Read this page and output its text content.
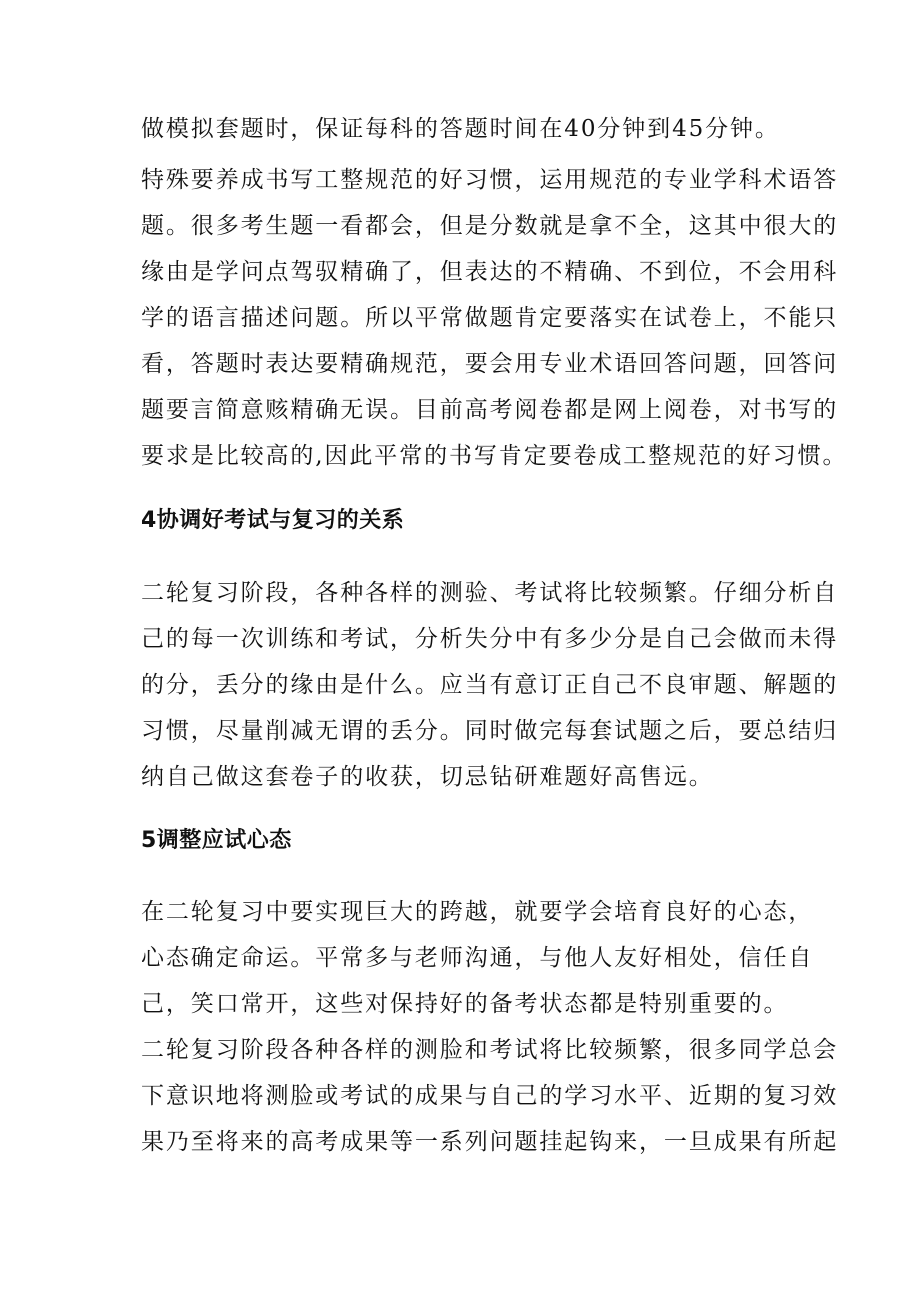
做模拟套题时，保证每科的答题时间在40分钟到45分钟。

特殊要养成书写工整规范的好习惯，运用规范的专业学科术语答

题。很多考生题一看都会，但是分数就是拿不全，这其中很大的

缘由是学问点驾驭精确了，但表达的不精确、不到位，不会用科

学的语言描述问题。所以平常做题肯定要落实在试卷上，不能只

看，答题时表达要精确规范，要会用专业术语回答问题，回答问

题要言简意赅精确无误。目前高考阅卷都是网上阅卷，对书写的

要求是比较高的,因此平常的书写肯定要卷成工整规范的好习惯。

4协调好考试与复习的关系

二轮复习阶段，各种各样的测验、考试将比较频繁。仔细分析自

己的每一次训练和考试，分析失分中有多少分是自己会做而未得

的分，丢分的缘由是什么。应当有意订正自己不良审题、解题的

习惯，尽量削减无谓的丢分。同时做完每套试题之后，要总结归

纳自己做这套卷子的收获，切忌钻研难题好高售远。

5调整应试心态

在二轮复习中要实现巨大的跨越，就要学会培育良好的心态，

心态确定命运。平常多与老师沟通，与他人友好相处，信任自

己，笑口常开，这些对保持好的备考状态都是特别重要的。

二轮复习阶段各种各样的测脸和考试将比较频繁，很多同学总会

下意识地将测脸或考试的成果与自己的学习水平、近期的复习效

果乃至将来的高考成果等一系列问题挂起钩来，一旦成果有所起
